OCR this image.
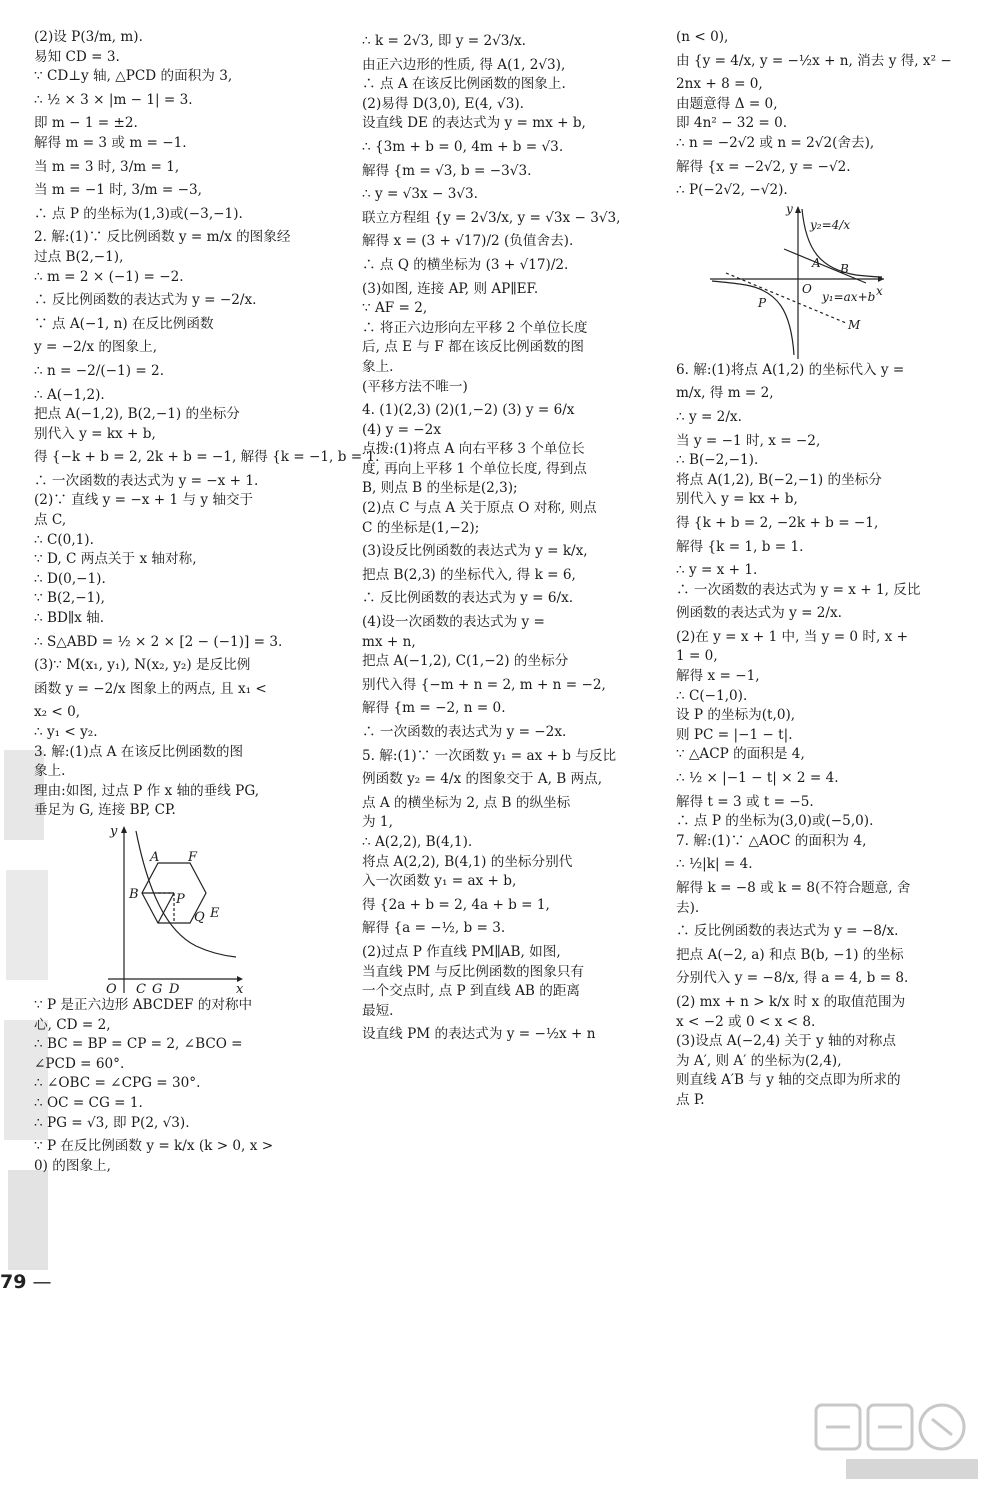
(2)设 P(3/m, m).
易知 CD = 3.
∵ CD⊥y 轴, △PCD 的面积为 3,
∴ ½ × 3 × |m − 1| = 3.
即 m − 1 = ±2.
解得 m = 3 或 m = −1.
当 m = 3 时, 3/m = 1,
当 m = −1 时, 3/m = −3,
∴ 点 P 的坐标为(1,3)或(−3,−1).
2. 解:(1)∵ 反比例函数 y = m/x 的图象经
过点 B(2,−1),
∴ m = 2 × (−1) = −2.
∴ 反比例函数的表达式为 y = −2/x.
∵ 点 A(−1, n) 在反比例函数
y = −2/x 的图象上,
∴ n = −2/(−1) = 2.
∴ A(−1,2).
把点 A(−1,2), B(2,−1) 的坐标分
别代入 y = kx + b,
得 {−k + b = 2, 2k + b = −1, 解得 {k = −1, b = 1.
∴ 一次函数的表达式为 y = −x + 1.
(2)∵ 直线 y = −x + 1 与 y 轴交于
点 C,
∴ C(0,1).
∵ D, C 两点关于 x 轴对称,
∴ D(0,−1).
∵ B(2,−1),
∴ BD∥x 轴.
∴ S△ABD = ½ × 2 × [2 − (−1)] = 3.
(3)∵ M(x₁, y₁), N(x₂, y₂) 是反比例
函数 y = −2/x 图象上的两点, 且 x₁ <
x₂ < 0,
∴ y₁ < y₂.
3. 解:(1)点 A 在该反比例函数的图
象上.
理由:如图, 过点 P 作 x 轴的垂线 PG,
垂足为 G, 连接 BP, CP.
y
A F
B	P
Q E
x
O C G D
∵ P 是正六边形 ABCDEF 的对称中
心, CD = 2,
∴ BC = BP = CP = 2, ∠BCO =
∠PCD = 60°.
∴ ∠OBC = ∠CPG = 30°.
∴ OC = CG = 1.
∴ PG = √3, 即 P(2, √3).
∵ P 在反比例函数 y = k/x (k > 0, x >
0) 的图象上,
∴ k = 2√3, 即 y = 2√3/x.
由正六边形的性质, 得 A(1, 2√3),
∴ 点 A 在该反比例函数的图象上.
(2)易得 D(3,0), E(4, √3).
设直线 DE 的表达式为 y = mx + b,
∴ {3m + b = 0, 4m + b = √3.
解得 {m = √3, b = −3√3.
∴ y = √3x − 3√3.
联立方程组 {y = 2√3/x, y = √3x − 3√3,
解得 x = (3 + √17)/2 (负值舍去).
∴ 点 Q 的横坐标为 (3 + √17)/2.
(3)如图, 连接 AP, 则 AP∥EF.
∵ AF = 2,
∴ 将正六边形向左平移 2 个单位长度
后, 点 E 与 F 都在该反比例函数的图
象上.
(平移方法不唯一)
4. (1)(2,3) (2)(1,−2) (3) y = 6/x
(4) y = −2x
点拨:(1)将点 A 向右平移 3 个单位长
度, 再向上平移 1 个单位长度, 得到点
B, 则点 B 的坐标是(2,3);
(2)点 C 与点 A 关于原点 O 对称, 则点
C 的坐标是(1,−2);
(3)设反比例函数的表达式为 y = k/x,
把点 B(2,3) 的坐标代入, 得 k = 6,
∴ 反比例函数的表达式为 y = 6/x.
(4)设一次函数的表达式为 y =
mx + n,
把点 A(−1,2), C(1,−2) 的坐标分
别代入得 {−m + n = 2, m + n = −2,
解得 {m = −2, n = 0.
∴ 一次函数的表达式为 y = −2x.
5. 解:(1)∵ 一次函数 y₁ = ax + b 与反比
例函数 y₂ = 4/x 的图象交于 A, B 两点,
点 A 的横坐标为 2, 点 B 的纵坐标
为 1,
∴ A(2,2), B(4,1).
将点 A(2,2), B(4,1) 的坐标分别代
入一次函数 y₁ = ax + b,
得 {2a + b = 2, 4a + b = 1,
解得 {a = −½, b = 3.
(2)过点 P 作直线 PM∥AB, 如图,
当直线 PM 与反比例函数的图象只有
一个交点时, 点 P 到直线 AB 的距离
最短.
设直线 PM 的表达式为 y = −½x + n
(n < 0),
由 {y = 4/x, y = −½x + n, 消去 y 得, x² −
2nx + 8 = 0,
由题意得 Δ = 0,
即 4n² − 32 = 0.
∴ n = −2√2 或 n = 2√2(舍去),
解得 {x = −2√2, y = −√2.
∴ P(−2√2, −√2).
y
y₂=4/x
A B
O	x
P	y₁=ax+b
M
6. 解:(1)将点 A(1,2) 的坐标代入 y =
m/x, 得 m = 2,
∴ y = 2/x.
当 y = −1 时, x = −2,
∴ B(−2,−1).
将点 A(1,2), B(−2,−1) 的坐标分
别代入 y = kx + b,
得 {k + b = 2, −2k + b = −1,
解得 {k = 1, b = 1.
∴ y = x + 1.
∴ 一次函数的表达式为 y = x + 1, 反比
例函数的表达式为 y = 2/x.
(2)在 y = x + 1 中, 当 y = 0 时, x +
1 = 0,
解得 x = −1,
∴ C(−1,0).
设 P 的坐标为(t,0),
则 PC = |−1 − t|.
∵ △ACP 的面积是 4,
∴ ½ × |−1 − t| × 2 = 4.
解得 t = 3 或 t = −5.
∴ 点 P 的坐标为(3,0)或(−5,0).
7. 解:(1)∵ △AOC 的面积为 4,
∴ ½|k| = 4.
解得 k = −8 或 k = 8(不符合题意, 舍
去).
∴ 反比例函数的表达式为 y = −8/x.
把点 A(−2, a) 和点 B(b, −1) 的坐标
分别代入 y = −8/x, 得 a = 4, b = 8.
(2) mx + n > k/x 时 x 的取值范围为
x < −2 或 0 < x < 8.
(3)设点 A(−2,4) 关于 y 轴的对称点
为 A′, 则 A′ 的坐标为(2,4),
则直线 A′B 与 y 轴的交点即为所求的
点 P.
79 —
